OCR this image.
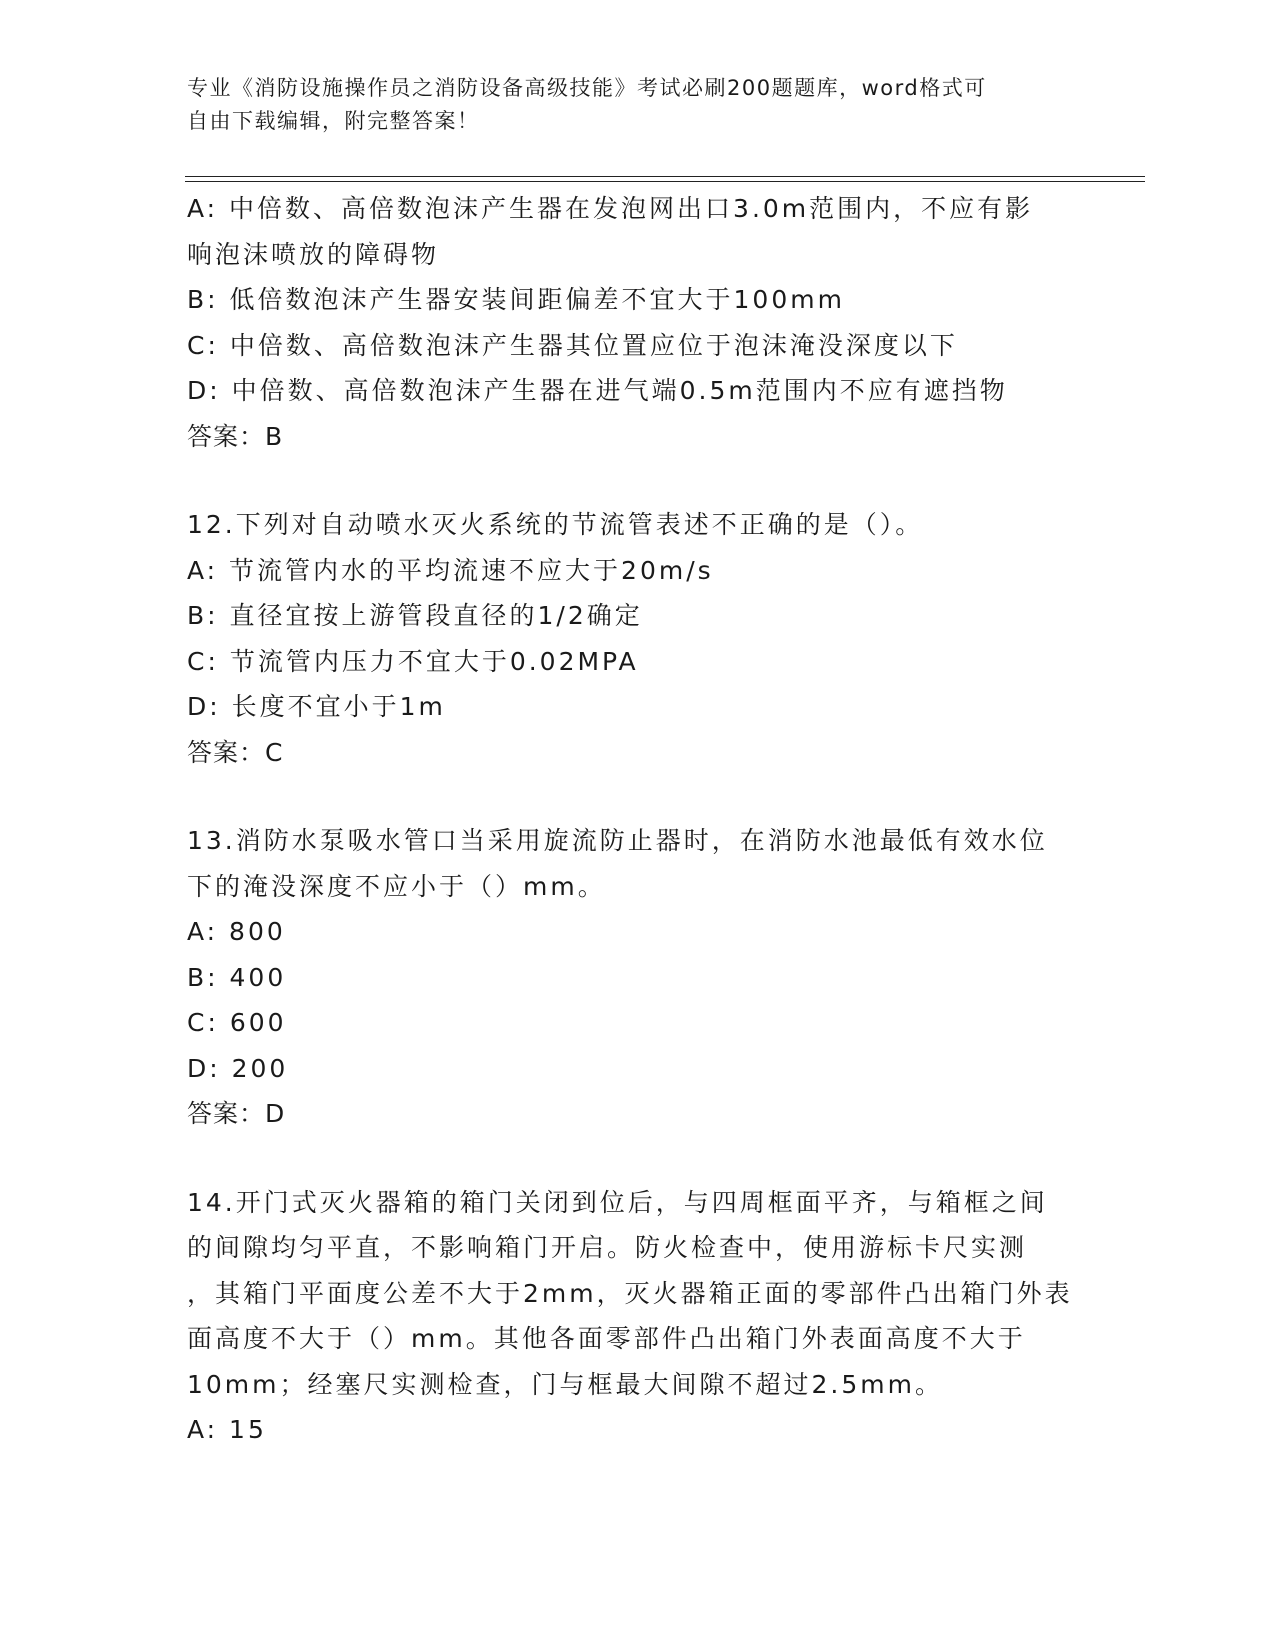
专业《消防设施操作员之消防设备高级技能》考试必刷200题题库，word格式可
自由下载编辑，附完整答案！
A: 中倍数、高倍数泡沫产生器在发泡网出口3.0m范围内，不应有影
响泡沫喷放的障碍物
B: 低倍数泡沫产生器安装间距偏差不宜大于100mm
C: 中倍数、高倍数泡沫产生器其位置应位于泡沫淹没深度以下
D: 中倍数、高倍数泡沫产生器在进气端0.5m范围内不应有遮挡物
答案：B
12.下列对自动喷水灭火系统的节流管表述不正确的是（）。
A: 节流管内水的平均流速不应大于20m/s
B: 直径宜按上游管段直径的1/2确定
C: 节流管内压力不宜大于0.02MPA
D: 长度不宜小于1m
答案：C
13.消防水泵吸水管口当采用旋流防止器时，在消防水池最低有效水位
下的淹没深度不应小于（）mm。
A: 800
B: 400
C: 600
D: 200
答案：D
14.开门式灭火器箱的箱门关闭到位后，与四周框面平齐，与箱框之间
的间隙均匀平直，不影响箱门开启。防火检查中，使用游标卡尺实测
，其箱门平面度公差不大于2mm，灭火器箱正面的零部件凸出箱门外表
面高度不大于（）mm。其他各面零部件凸出箱门外表面高度不大于
10mm；经塞尺实测检查，门与框最大间隙不超过2.5mm。
A: 15
